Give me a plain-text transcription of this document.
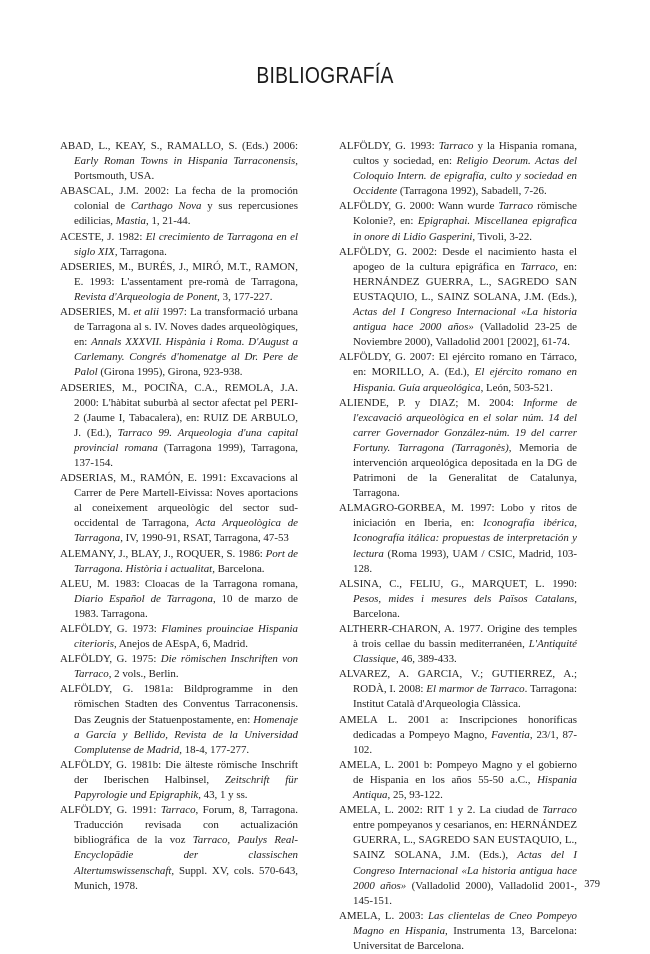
BIBLIOGRAFÍA

ABAD, L., KEAY, S., RAMALLO, S. (Eds.) 2006: Early Roman Towns in Hispania Tarraconensis, Portsmouth, USA.

ABASCAL, J.M. 2002: La fecha de la promoción colonial de Carthago Nova y sus repercusiones edilicias, Mastia, 1, 21-44.

ACESTE, J. 1982: El crecimiento de Tarragona en el siglo XIX, Tarragona.

ADSERIES, M., BURÉS, J., MIRÓ, M.T., RAMON, E. 1993: L'assentament pre-romà de Tarragona, Revista d'Arqueologia de Ponent, 3, 177-227.

ADSERIES, M. et alii 1997: La transformació urbana de Tarragona al s. IV. Noves dades arqueològiques, en: Annals XXXVII. Hispània i Roma. D'August a Carlemany. Congrés d'homenatge al Dr. Pere de Palol (Girona 1995), Girona, 923-938.

ADSERIES, M., POCIÑA, C.A., REMOLA, J.A. 2000: L'hàbitat suburbà al sector afectat pel PERI-2 (Jaume I, Tabacalera), en: RUIZ DE ARBULO, J. (Ed.), Tarraco 99. Arqueologia d'una capital provincial romana (Tarragona 1999), Tarragona, 137-154.

ADSERIAS, M., RAMÓN, E. 1991: Excavacions al Carrer de Pere Martell-Eivissa: Noves aportacions al coneixement arqueològic del sector sud-occidental de Tarragona, Acta Arqueològica de Tarragona, IV, 1990-91, RSAT, Tarragona, 47-53

ALEMANY, J., BLAY, J., ROQUER, S. 1986: Port de Tarragona. Història i actualitat, Barcelona.

ALEU, M. 1983: Cloacas de la Tarragona romana, Diario Español de Tarragona, 10 de marzo de 1983. Tarragona.

ALFÖLDY, G. 1973: Flamines prouinciae Hispania citerioris, Anejos de AEspA, 6, Madrid.

ALFÖLDY, G. 1975: Die römischen Inschriften von Tarraco, 2 vols., Berlin.

ALFÖLDY, G. 1981a: Bildprogramme in den römischen Stadten des Conventus Tarraconensis. Das Zeugnis der Statuenpostamente, en: Homenaje a García y Bellido, Revista de la Universidad Complutense de Madrid, 18-4, 177-277.

ALFÖLDY, G. 1981b: Die älteste römische Inschrift der Iberischen Halbinsel, Zeitschrift für Papyrologie und Epigraphik, 43, 1 y ss.

ALFÖLDY, G. 1991: Tarraco, Forum, 8, Tarragona. Traducción revisada con actualización bibliográfica de la voz Tarraco, Paulys Real-Encyclopädie der classischen Altertumswissenschaft, Suppl. XV, cols. 570-643, Munich, 1978.

ALFÖLDY, G. 1993: Tarraco y la Hispania romana, cultos y sociedad, en: Religio Deorum. Actas del Coloquio Intern. de epigrafía, culto y sociedad en Occidente (Tarragona 1992), Sabadell, 7-26.

ALFÖLDY, G. 2000: Wann wurde Tarraco römische Kolonie?, en: Epigraphai. Miscellanea epigrafica in onore di Lidio Gasperini, Tivoli, 3-22.

ALFÖLDY, G. 2002: Desde el nacimiento hasta el apogeo de la cultura epigráfica en Tarraco, en: HERNÁNDEZ GUERRA, L., SAGREDO SAN EUSTAQUIO, L., SAINZ SOLANA, J.M. (Eds.), Actas del I Congreso Internacional «La historia antigua hace 2000 años» (Valladolid 23-25 de Noviembre 2000), Valladolid 2001 [2002], 61-74.

ALFÖLDY, G. 2007: El ejército romano en Tárraco, en: MORILLO, A. (Ed.), El ejército romano en Hispania. Guía arqueológica, León, 503-521.

ALIENDE, P. y DIAZ; M. 2004: Informe de l'excavació arqueològica en el solar núm. 14 del carrer Governador González-núm. 19 del carrer Fortuny. Tarragona (Tarragonès), Memoria de intervención arqueológica depositada en la DG de Patrimoni de la Generalitat de Catalunya, Tarragona.

ALMAGRO-GORBEA, M. 1997: Lobo y ritos de iniciación en Iberia, en: Iconografía ibérica, Iconografía itálica: propuestas de interpretación y lectura (Roma 1993), UAM / CSIC, Madrid, 103-128.

ALSINA, C., FELIU, G., MARQUET, L. 1990: Pesos, mides i mesures dels Països Catalans, Barcelona.

ALTHERR-CHARON, A. 1977. Origine des temples à trois cellae du bassin mediterranéen, L'Antiquité Classique, 46, 389-433.

ALVAREZ, A. GARCIA, V.; GUTIERREZ, A.; RODÀ, I. 2008: El marmor de Tarraco. Tarragona: Institut Català d'Arqueologia Clàssica.

AMELA L. 2001 a: Inscripciones honoríficas dedicadas a Pompeyo Magno, Faventia, 23/1, 87-102.

AMELA, L. 2001 b: Pompeyo Magno y el gobierno de Hispania en los años 55-50 a.C., Hispania Antiqua, 25, 93-122.

AMELA, L. 2002: RIT 1 y 2. La ciudad de Tarraco entre pompeyanos y cesarianos, en: HERNÁNDEZ GUERRA, L., SAGREDO SAN EUSTAQUIO, L., SAINZ SOLANA, J.M. (Eds.), Actas del I Congreso Internacional «La historia antigua hace 2000 años» (Valladolid 2000), Valladolid 2001-, 145-151.

AMELA, L. 2003: Las clientelas de Cneo Pompeyo Magno en Hispania, Instrumenta 13, Barcelona: Universitat de Barcelona.

379
